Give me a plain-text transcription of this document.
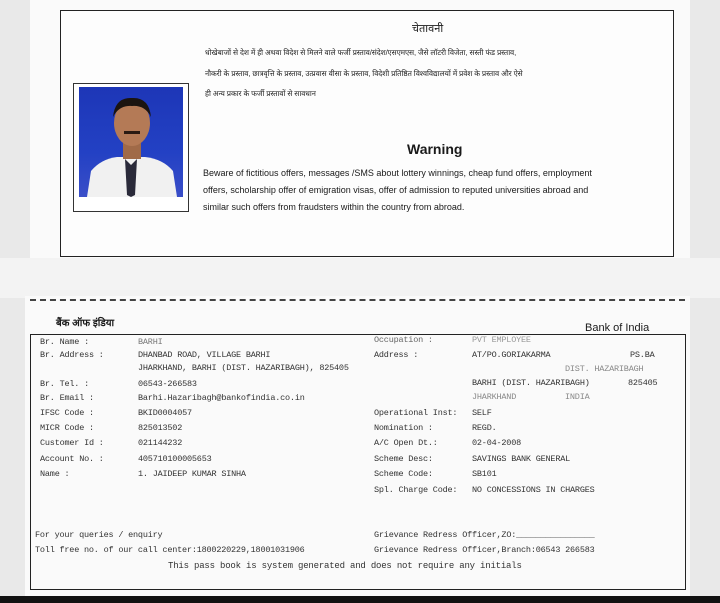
चेतावनी
धोखेबाजों से देश में ही अथवा विदेश से मिलने वाले फर्जी प्रस्ताव/संदेश/एसएमएस, जैसे लॉटरी विजेता, सस्ती फंड प्रस्ताव,
नौकरी के प्रस्ताव, छात्रवृत्ति के प्रस्ताव, उत्प्रवास वीसा के प्रस्ताव, विदेशी प्रतिष्ठित विश्वविद्यालयों में प्रवेश के प्रस्ताव और ऐसे
ही अन्य प्रकार के फर्जी प्रस्तावों से सावधान
Warning
Beware of fictitious offers, messages /SMS about lottery winnings, cheap fund offers, employment
offers, scholarship offer of emigration visas, offer of admission to reputed universities abroad and
similar such offers from fraudsters within the country from abroad.
बैंक ऑफ इंडिया	Bank of India
Br. Name :	BARHI
Br. Address :	DHANBAD ROAD, VILLAGE BARHI
JHARKHAND, BARHI (DIST. HAZARIBAGH), 825405
Br. Tel. :	06543-266583
Br. Email :	Barhi.Hazaribagh@bankofindia.co.in
IFSC Code :	BKID0004057
MICR Code :	825013502
Customer Id :	021144232
Account No. :	405710100005653
Name :	1. JAIDEEP KUMAR SINHA
Occupation :	PVT EMPLOYEE
Address :	AT/PO.GORIAKARMA	PS.BA
DIST. HAZARIBAGH
BARHI (DIST. HAZARIBAGH)	825405
JHARKHAND	INDIA
Operational Inst: SELF
Nomination :	REGD.
A/C Open Dt.:	02-04-2008
Scheme Desc:	SAVINGS BANK GENERAL
Scheme Code:	SB101
Spl. Charge Code: NO CONCESSIONS IN CHARGES
For your queries / enquiry
Toll free no. of our call center:1800220229,18001031906
Grievance Redress Officer,ZO:________________
Grievance Redress Officer,Branch:06543 266583
This pass book is system generated and does not require any initials
